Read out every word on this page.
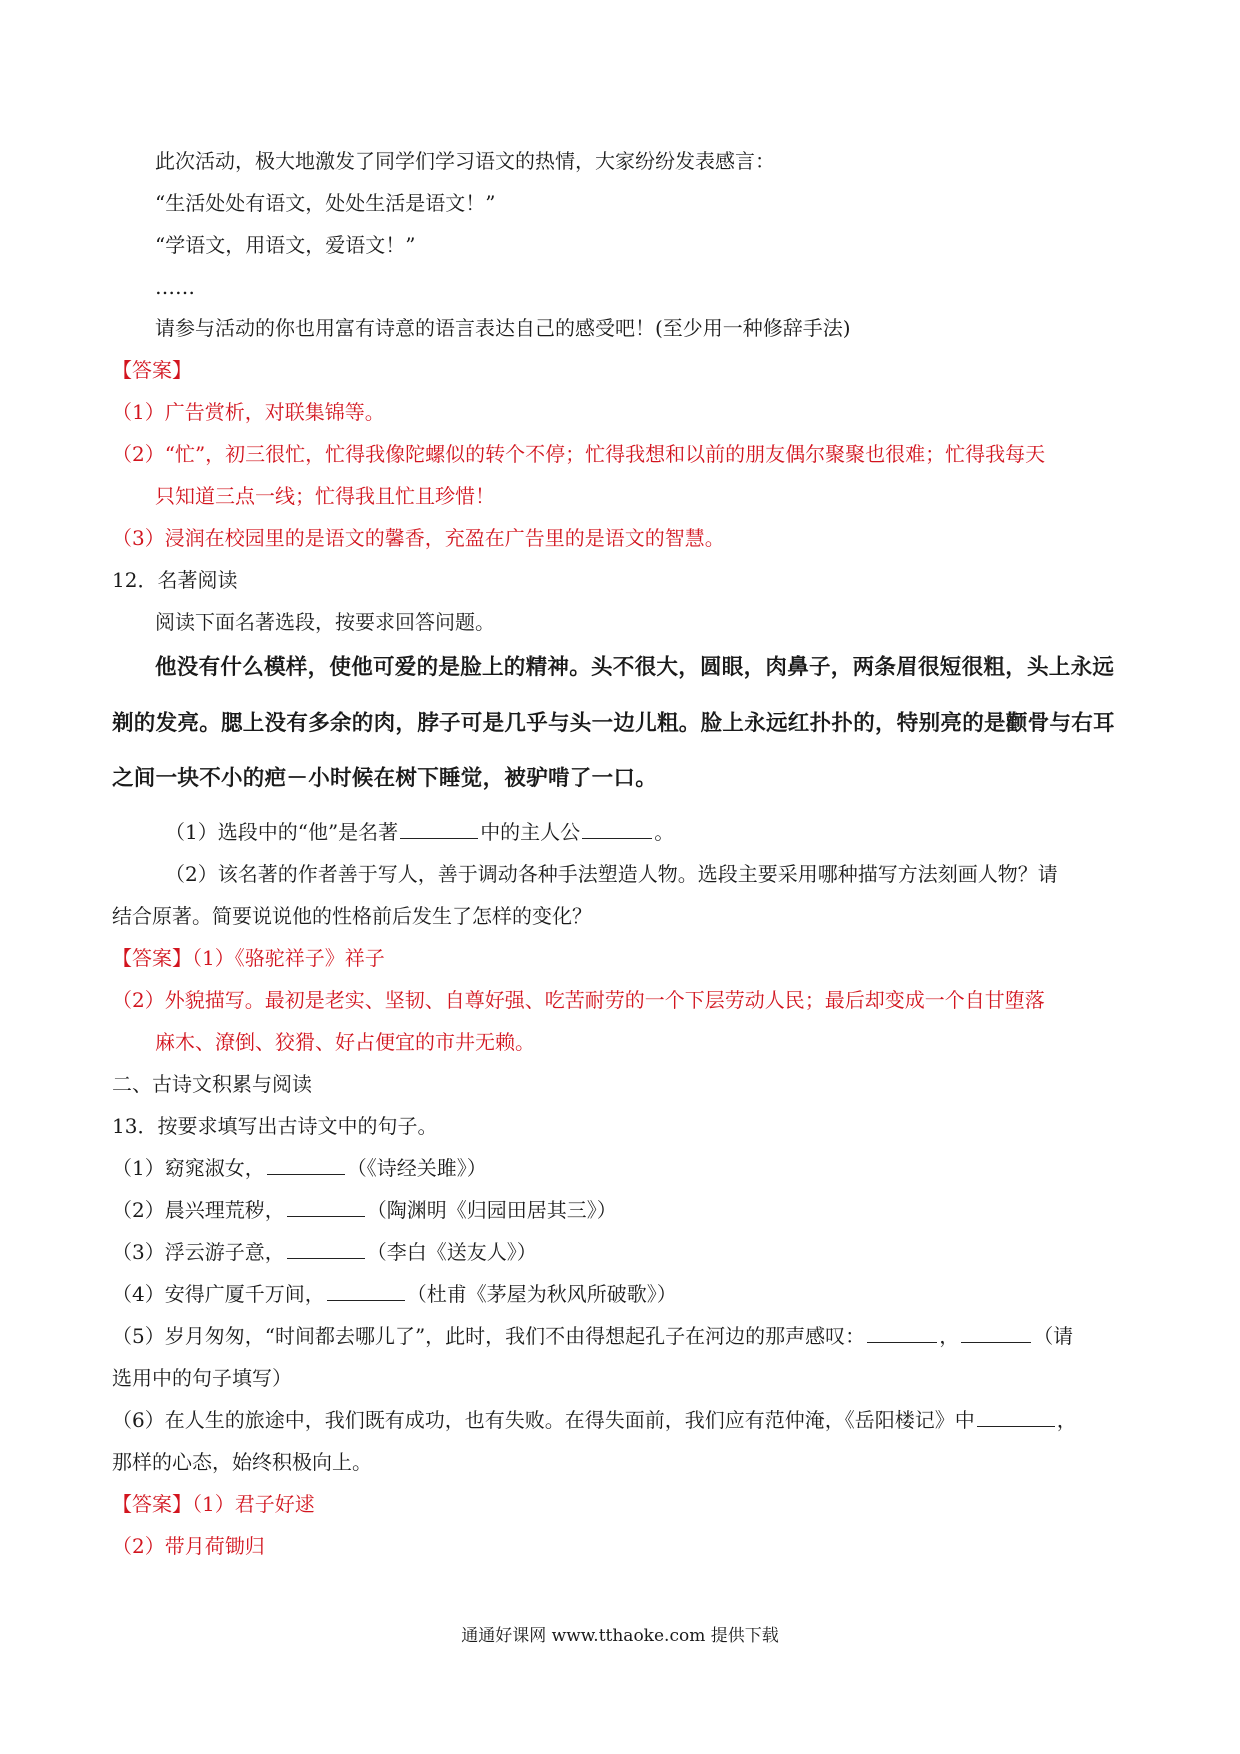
此次活动，极大地激发了同学们学习语文的热情，大家纷纷发表感言：
“生活处处有语文，处处生活是语文！”
“学语文，用语文，爱语文！”
……
请参与活动的你也用富有诗意的语言表达自己的感受吧！(至少用一种修辞手法)
【答案】
（1）广告赏析，对联集锦等。
（2）“忙”，初三很忙，忙得我像陀螺似的转个不停；忙得我想和以前的朋友偶尔聚聚也很难；忙得我每天
只知道三点一线；忙得我且忙且珍惜！
（3）浸润在校园里的是语文的馨香，充盈在广告里的是语文的智慧。
12．名著阅读
阅读下面名著选段，按要求回答问题。
他没有什么模样，使他可爱的是脸上的精神。头不很大，圆眼，肉鼻子，两条眉很短很粗，头上永远
剃的发亮。腮上没有多余的肉，脖子可是几乎与头一边儿粗。脸上永远红扑扑的，特别亮的是颧骨与右耳
之间一块不小的疤－小时候在树下睡觉，被驴啃了一口。
（1）选段中的“他”是名著	中的主人公	。
（2）该名著的作者善于写人，善于调动各种手法塑造人物。选段主要采用哪种描写方法刻画人物？请
结合原著。简要说说他的性格前后发生了怎样的变化？
【答案】（1）《骆驼祥子》祥子
（2）外貌描写。最初是老实、坚韧、自尊好强、吃苦耐劳的一个下层劳动人民；最后却变成一个自甘堕落
麻木、潦倒、狡猾、好占便宜的市井无赖。
二、古诗文积累与阅读
13．按要求填写出古诗文中的句子。
（1）窈窕淑女，	（《诗经关雎》）
（2）晨兴理荒秽，	（陶渊明《归园田居其三》）
（3）浮云游子意，	（李白《送友人》）
（4）安得广厦千万间，	（杜甫《茅屋为秋风所破歌》）
（5）岁月匆匆，“时间都去哪儿了”，此时，我们不由得想起孔子在河边的那声感叹：	，	（请
选用中的句子填写）
（6）在人生的旅途中，我们既有成功，也有失败。在得失面前，我们应有范仲淹，《岳阳楼记》中	，
那样的心态，始终积极向上。
【答案】（1）君子好逑
（2）带月荷锄归
通通好课网 www.tthaoke.com 提供下载
